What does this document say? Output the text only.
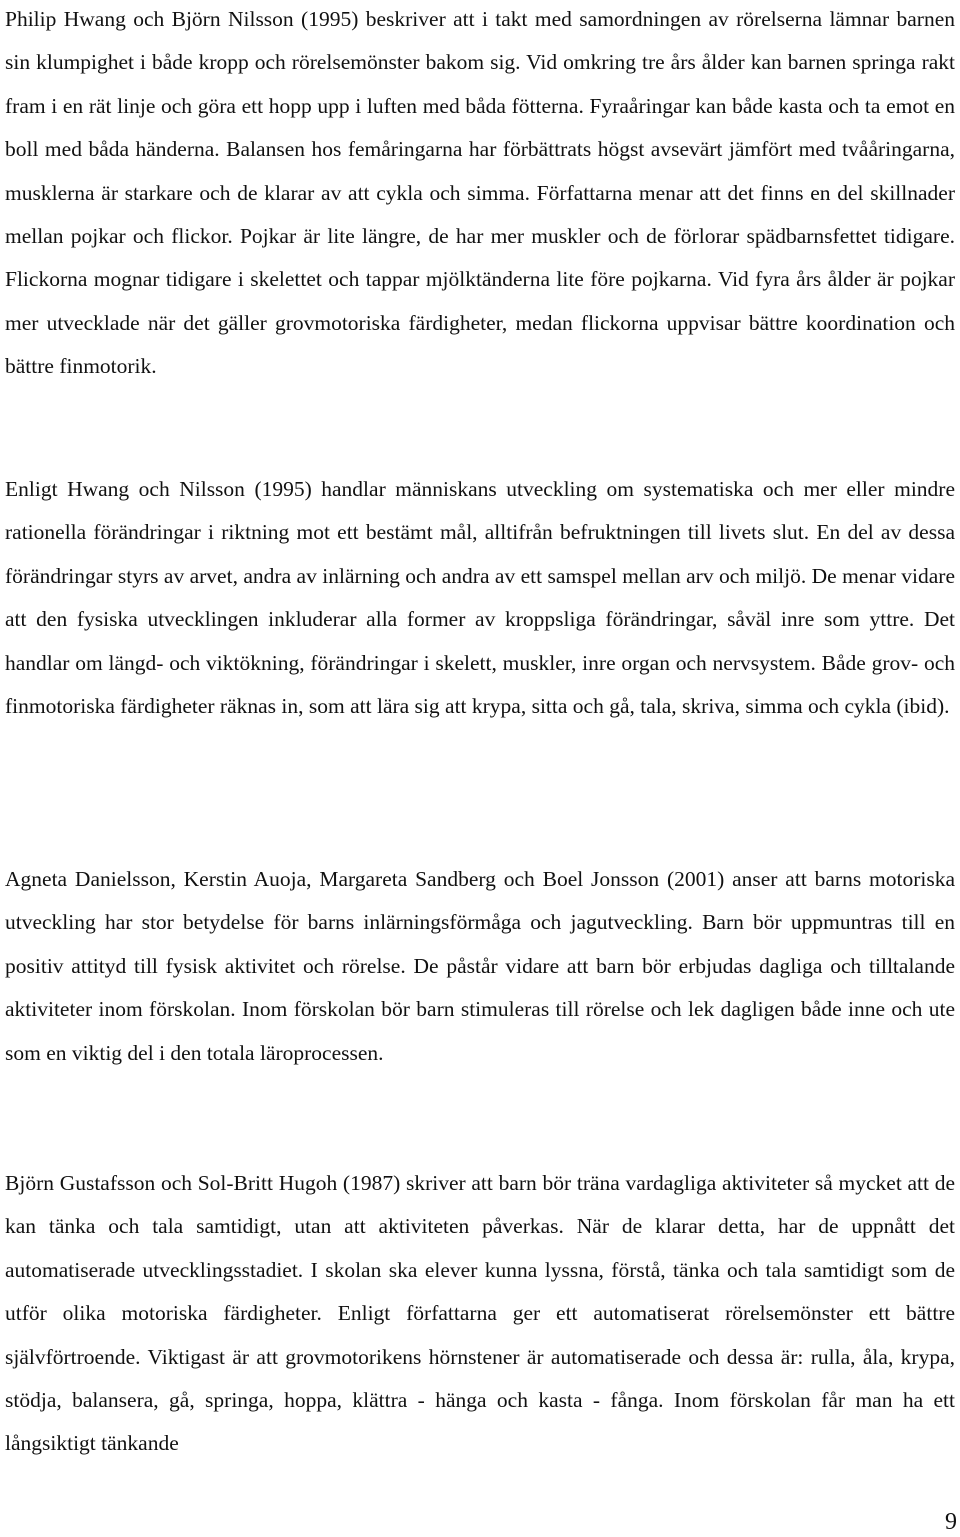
Philip Hwang och Björn Nilsson (1995) beskriver att i takt med samordningen av rörelserna lämnar barnen sin klumpighet i både kropp och rörelsemönster bakom sig. Vid omkring tre års ålder kan barnen springa rakt fram i en rät linje och göra ett hopp upp i luften med båda fötterna. Fyraåringar kan både kasta och ta emot en boll med båda händerna. Balansen hos femåringarna har förbättrats högst avsevärt jämfört med tvååringarna, musklerna är starkare och de klarar av att cykla och simma. Författarna menar att det finns en del skillnader mellan pojkar och flickor. Pojkar är lite längre, de har mer muskler och de förlorar spädbarnsfettet tidigare. Flickorna mognar tidigare i skelettet och tappar mjölktänderna lite före pojkarna. Vid fyra års ålder är pojkar mer utvecklade när det gäller grovmotoriska färdigheter, medan flickorna uppvisar bättre koordination och bättre finmotorik.

Enligt Hwang och Nilsson (1995) handlar människans utveckling om systematiska och mer eller mindre rationella förändringar i riktning mot ett bestämt mål, alltifrån befruktningen till livets slut. En del av dessa förändringar styrs av arvet, andra av inlärning och andra av ett samspel mellan arv och miljö. De menar vidare att den fysiska utvecklingen inkluderar alla former av kroppsliga förändringar, såväl inre som yttre. Det handlar om längd- och viktökning, förändringar i skelett, muskler, inre organ och nervsystem. Både grov- och finmotoriska färdigheter räknas in, som att lära sig att krypa, sitta och gå, tala, skriva, simma och cykla (ibid).

Agneta Danielsson, Kerstin Auoja, Margareta Sandberg och Boel Jonsson (2001) anser att barns motoriska utveckling har stor betydelse för barns inlärningsförmåga och jagutveckling. Barn bör uppmuntras till en positiv attityd till fysisk aktivitet och rörelse. De påstår vidare att barn bör erbjudas dagliga och tilltalande aktiviteter inom förskolan. Inom förskolan bör barn stimuleras till rörelse och lek dagligen både inne och ute som en viktig del i den totala läroprocessen.

Björn Gustafsson och Sol-Britt Hugoh (1987) skriver att barn bör träna vardagliga aktiviteter så mycket att de kan tänka och tala samtidigt, utan att aktiviteten påverkas. När de klarar detta, har de uppnått det automatiserade utvecklingsstadiet. I skolan ska elever kunna lyssna, förstå, tänka och tala samtidigt som de utför olika motoriska färdigheter. Enligt författarna ger ett automatiserat rörelsemönster ett bättre självförtroende. Viktigast är att grovmotorikens hörnstener är automatiserade och dessa är: rulla, åla, krypa, stödja, balansera, gå, springa, hoppa, klättra - hänga och kasta - fånga. Inom förskolan får man ha ett långsiktigt tänkande

9
